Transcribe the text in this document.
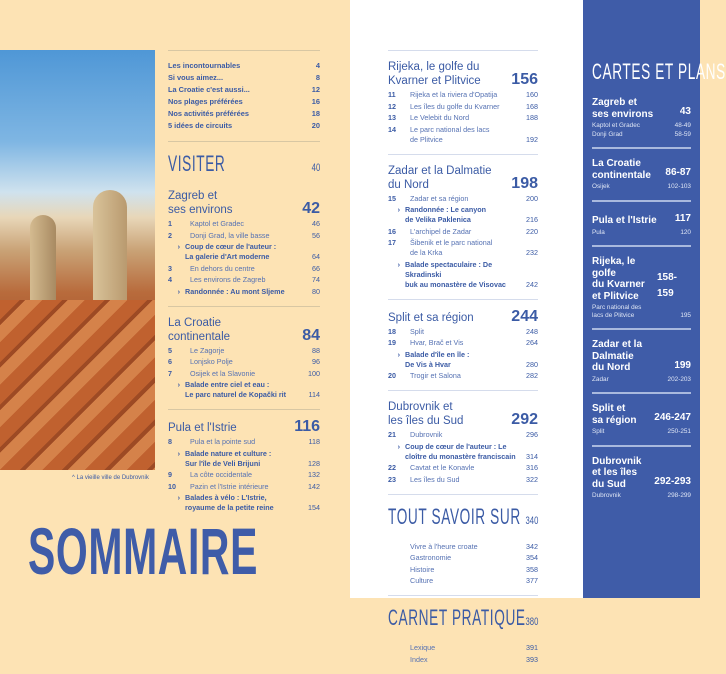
^ La vieille ville de Dubrovnik
SOMMAIRE
Les incontournables	4
Si vous aimez...	8
La Croatie c'est aussi...	12
Nos plages préférées	16
Nos activités préférées	18
5 idées de circuits	20
VISITER	40
Zagreb et
ses environs	42
1	Kaptol et Gradec	46
2	Donji Grad, la ville basse	56
› Coup de cœur de l'auteur :
La galerie d'Art moderne	64
3	En dehors du centre	66
4	Les environs de Zagreb	74
› Randonnée : Au mont Sljeme	80
La Croatie
continentale	84
5	Le Zagorje	88
6	Lonjsko Polje	96
7	Osijek et la Slavonie	100
› Balade entre ciel et eau :
Le parc naturel de Kopački rit	114
Pula et l'Istrie	116
8	Pula et la pointe sud	118
› Balade nature et culture :
Sur l'île de Veli Brijuni	128
9	La côte occidentale	132
10	Pazin et l'Istrie intérieure	142
› Balades à vélo : L'Istrie,
royaume de la petite reine	154
Rijeka, le golfe du
Kvarner et Plitvice 156
11	Rijeka et la riviera d'Opatija	160
12	Les îles du golfe du Kvarner	168
13	Le Velebit du Nord	188
14	Le parc national des lacs
de Plitvice	192
Zadar et la Dalmatie
du Nord	198
15	Zadar et sa région	200
› Randonnée : Le canyon
de Velika Paklenica	216
16	L'archipel de Zadar	220
17	Šibenik et le parc national
de la Krka	232
› Balade spectaculaire : De Skradinski
buk au monastère de Visovac	242
Split et sa région 244
18	Split	248
19	Hvar, Brač et Vis	264
› Balade d'île en île :
De Vis à Hvar	280
20	Trogir et Salona	282
Dubrovnik et
les îles du Sud	292
21	Dubrovnik	296
› Coup de cœur de l'auteur : Le
cloître du monastère franciscain	314
22	Cavtat et le Konavle	316
23	Les îles du Sud	322
TOUT SAVOIR SUR 340
Vivre à l'heure croate	342
Gastronomie	354
Histoire	358
Culture	377
CARNET PRATIQUE 380
Lexique	391
Index	393
CARTES ET PLANS
Zagreb et
ses environs	43
Kaptol et Gradec	48-49
Donji Grad	58-59
La Croatie
continentale 86-87
Osijek	102-103
Pula et l'Istrie 117
Pula	120
Rijeka, le golfe
du Kvarner
et Plitvice
158-159
Parc national des
lacs de Plitvice	195
Zadar et la Dalmatie
du Nord	199
Zadar	202-203
Split et
sa région 246-247
Split	250-251
Dubrovnik
et les îles
du Sud	292-293
Dubrovnik	298-299
